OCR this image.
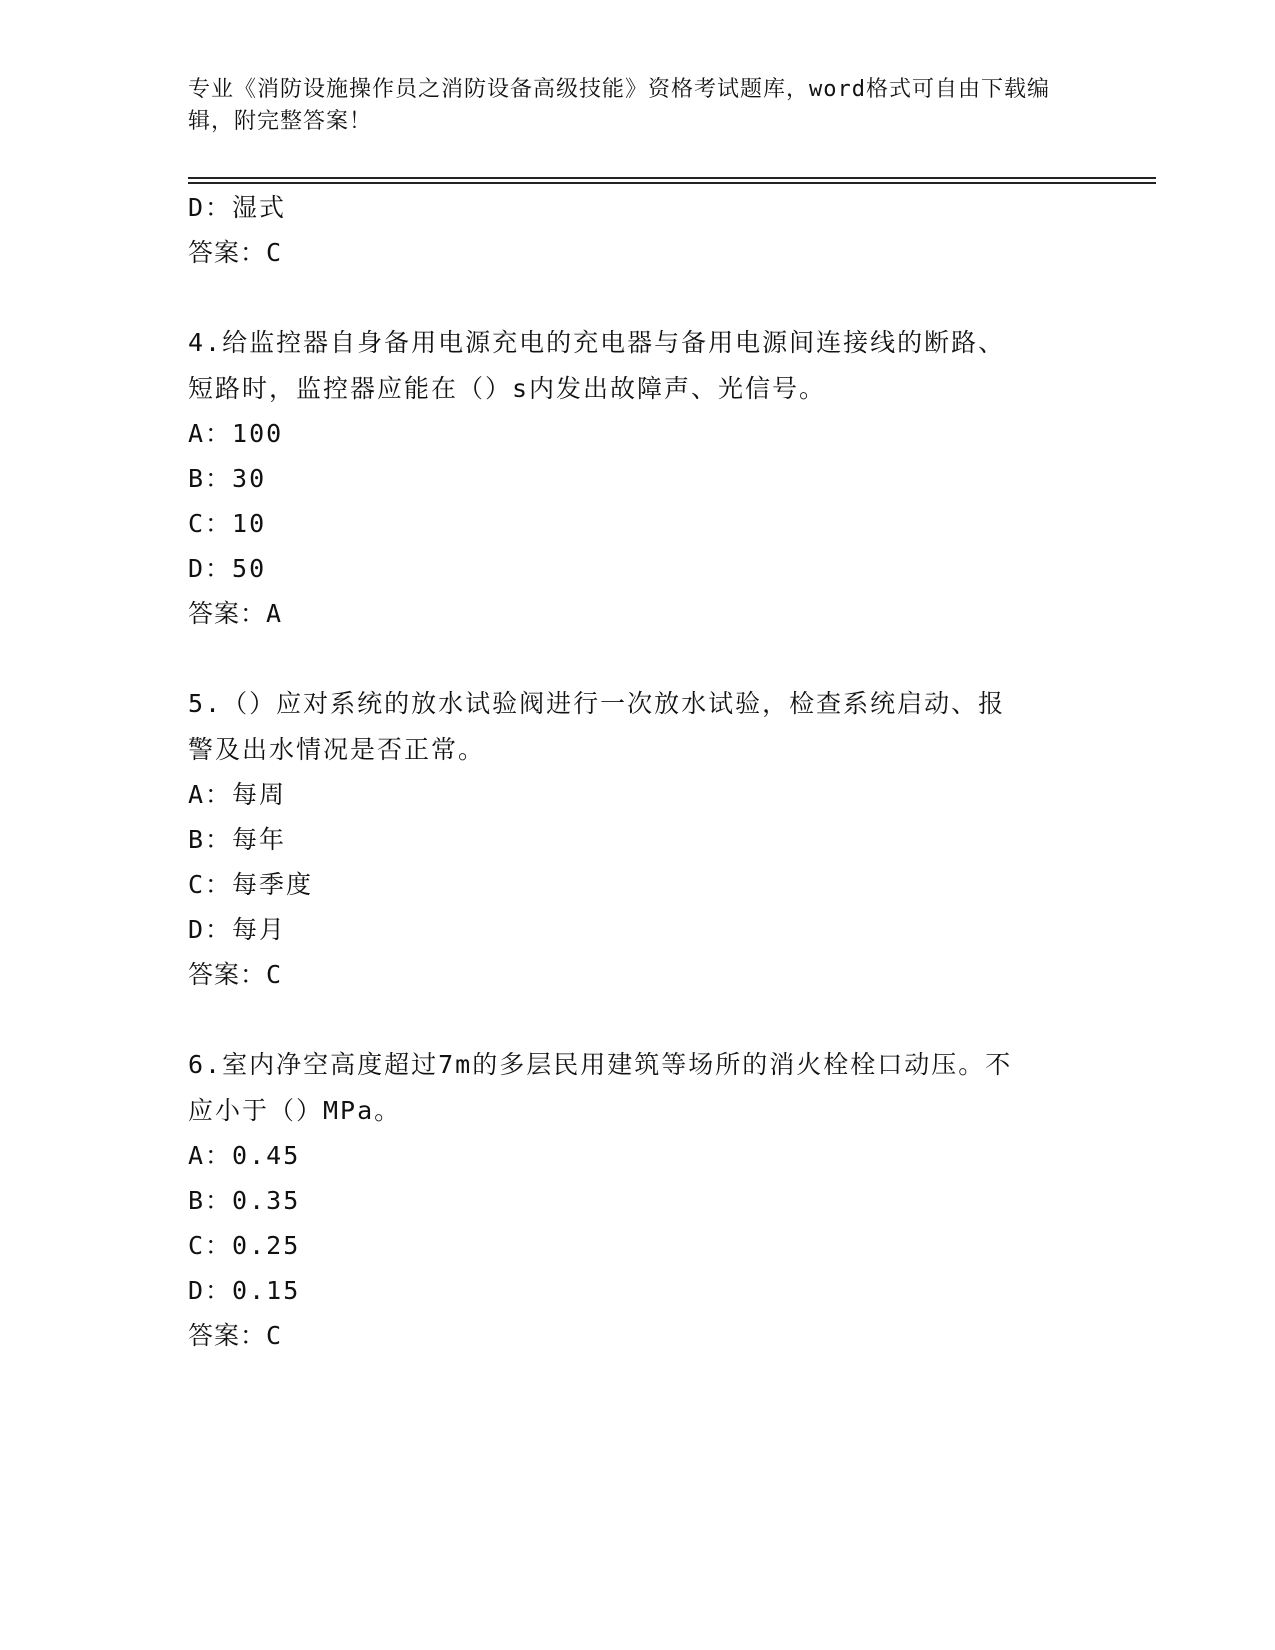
专业《消防设施操作员之消防设备高级技能》资格考试题库，word格式可自由下载编辑，附完整答案！
D：湿式
答案：C
4.给监控器自身备用电源充电的充电器与备用电源间连接线的断路、
短路时，监控器应能在（）s内发出故障声、光信号。
A：100
B：30
C：10
D：50
答案：A
5.（）应对系统的放水试验阀进行一次放水试验，检查系统启动、报
警及出水情况是否正常。
A：每周
B：每年
C：每季度
D：每月
答案：C
6.室内净空高度超过7m的多层民用建筑等场所的消火栓栓口动压。不
应小于（）MPa。
A：0.45
B：0.35
C：0.25
D：0.15
答案：C
